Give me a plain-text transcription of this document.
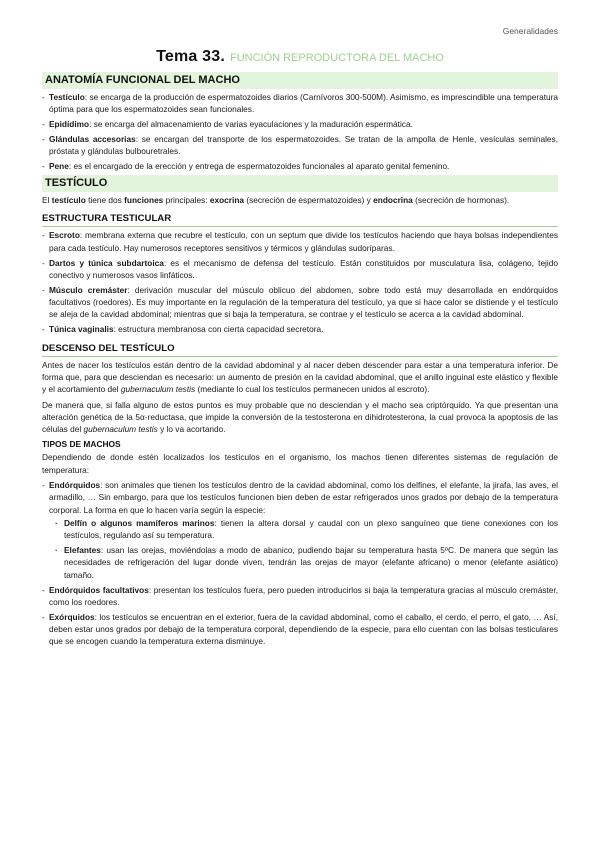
Generalidades
Tema 33. FUNCIÓN REPRODUCTORA DEL MACHO
ANATOMÍA FUNCIONAL DEL MACHO
- Testículo: se encarga de la producción de espermatozoides diarios (Carnívoros 300-500M). Asimismo, es imprescindible una temperatura óptima para que los espermatozoides sean funcionales.
- Epidídimo: se encarga del almacenamiento de varias eyaculaciones y la maduración espermática.
- Glándulas accesorias: se encargan del transporte de los espermatozoides. Se tratan de la ampolla de Henle, vesículas seminales, próstata y glándulas bulbouretrales.
- Pene: es el encargado de la erección y entrega de espermatozoides funcionales al aparato genital femenino.
TESTÍCULO

El testículo tiene dos funciones principales: exocrina (secreción de espermatozoides) y endocrina (secreción de hormonas).

ESTRUCTURA TESTICULAR
- Escroto: membrana externa que recubre el testículo, con un septum que divide los testículos haciendo que haya bolsas independientes para cada testículo. Hay numerosos receptores sensitivos y térmicos y glándulas sudoríparas.
- Dartos y túnica subdartoica: es el mecanismo de defensa del testículo. Están constituidos por musculatura lisa, colágeno, tejido conectivo y numerosos vasos linfáticos.
- Músculo cremáster: derivación muscular del músculo oblicuo del abdomen, sobre todo está muy desarrollada en endórquidos facultativos (roedores). Es muy importante en la regulación de la temperatura del testículo, ya que si hace calor se distiende y el testículo se aleja de la cavidad abdominal; mientras que si baja la temperatura, se contrae y el testículo se acerca a la cavidad abdominal.
- Túnica vaginalis: estructura membranosa con cierta capacidad secretora.
DESCENSO DEL TESTÍCULO

Antes de nacer los testículos están dentro de la cavidad abdominal y al nacer deben descender para estar a una temperatura inferior. De forma que, para que desciendan es necesario: un aumento de presión en la cavidad abdominal, que el anillo inguinal este elástico y flexible y el acortamiento del gubernaculum testis (mediante lo cual los testículos permanecen unidos al escroto).

De manera que, si falla alguno de estos puntos es muy probable que no desciendan y el macho sea criptórquido. Ya que presentan una alteración genética de la 5α-reductasa, que impide la conversión de la testosterona en dihidrotesterona, la cual provoca la apoptosis de las células del gubernaculum testis y lo va acortando.

TIPOS DE MACHOS

Dependiendo de donde estén localizados los testículos en el organismo, los machos tienen diferentes sistemas de regulación de temperatura:

- Endórquidos: son animales que tienen los testículos dentro de la cavidad abdominal, como los delfines, el elefante, la jirafa, las aves, el armadillo, … Sin embargo, para que los testículos funcionen bien deben de estar refrigerados unos grados por debajo de la temperatura corporal. La forma en que lo hacen varía según la especie:
· Delfín o algunos mamíferos marinos: tienen la altera dorsal y caudal con un plexo sanguíneo que tiene conexiones con los testículos, regulando así su temperatura.
· Elefantes: usan las orejas, moviéndolas a modo de abanico, pudiendo bajar su temperatura hasta 5ºC. De manera que según las necesidades de refrigeración del lugar donde viven, tendrán las orejas de mayor (elefante africano) o menor (elefante asiático) tamaño.
- Endórquidos facultativos: presentan los testículos fuera, pero pueden introducirlos si baja la temperatura gracias al músculo cremáster, como los roedores.
- Exórquidos: los testículos se encuentran en el exterior, fuera de la cavidad abdominal, como el caballo, el cerdo, el perro, el gato, … Así, deben estar unos grados por debajo de la temperatura corporal, dependiendo de la especie, para ello cuentan con las bolsas testiculares que se encogen cuando la temperatura externa disminuye.
